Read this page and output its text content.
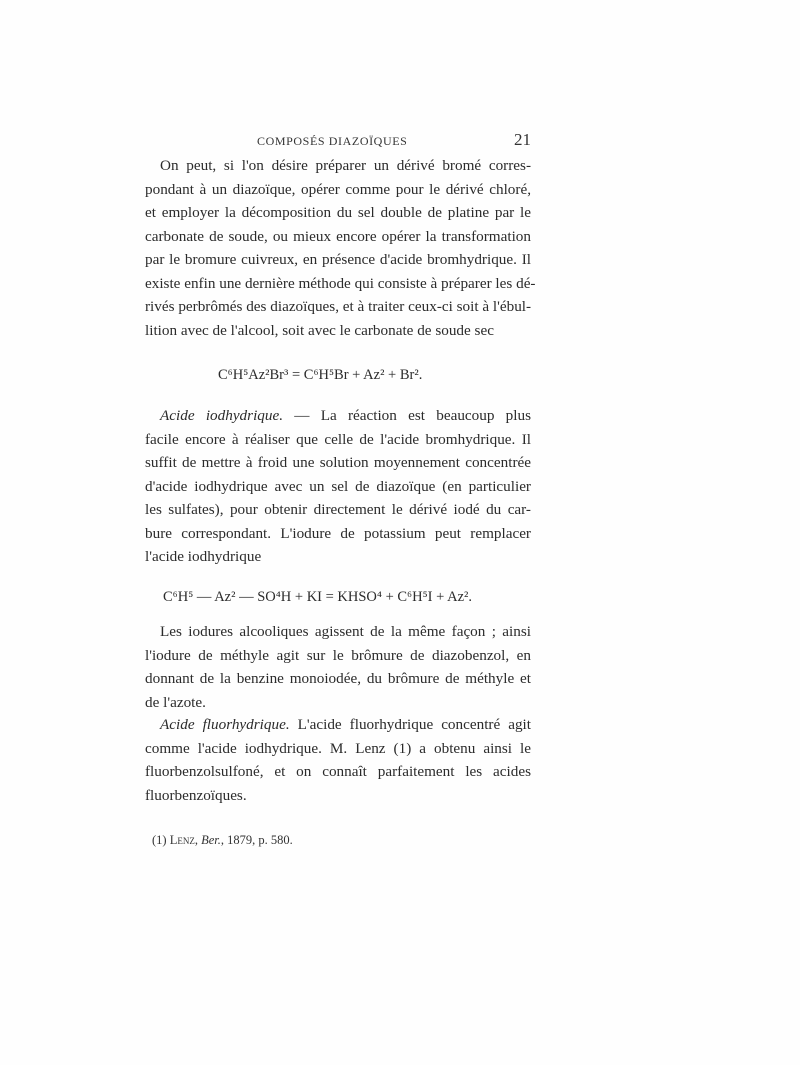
COMPOSÉS DIAZOÏQUES	21
On peut, si l'on désire préparer un dérivé bromé corres-
pondant à un diazoïque, opérer comme pour le dérivé chloré,
et employer la décomposition du sel double de platine par le
carbonate de soude, ou mieux encore opérer la transformation
par le bromure cuivreux, en présence d'acide bromhydrique. Il
existe enfin une dernière méthode qui consiste à préparer les dé-
rivés perbrômés des diazoïques, et à traiter ceux-ci soit à l'ébul-
lition avec de l'alcool, soit avec le carbonate de soude sec
C⁶H⁵Az²Br³ = C⁶H⁵Br + Az² + Br².
Acide iodhydrique. — La réaction est beaucoup plus
facile encore à réaliser que celle de l'acide bromhydrique. Il
suffit de mettre à froid une solution moyennement concentrée
d'acide iodhydrique avec un sel de diazoïque (en particulier
les sulfates), pour obtenir directement le dérivé iodé du car-
bure correspondant. L'iodure de potassium peut remplacer
l'acide iodhydrique
C⁶H⁵ — Az² — SO⁴H + KI = KHSO⁴ + C⁶H⁵I + Az².
Les iodures alcooliques agissent de la même façon ; ainsi
l'iodure de méthyle agit sur le brômure de diazobenzol, en
donnant de la benzine monoiodée, du brômure de méthyle et
de l'azote.
Acide fluorhydrique. L'acide fluorhydrique concentré agit
comme l'acide iodhydrique. M. Lenz (1) a obtenu ainsi le
fluorbenzolsulfoné, et on connaît parfaitement les acides
fluorbenzoïques.
(1) Lenz, Ber., 1879, p. 580.
